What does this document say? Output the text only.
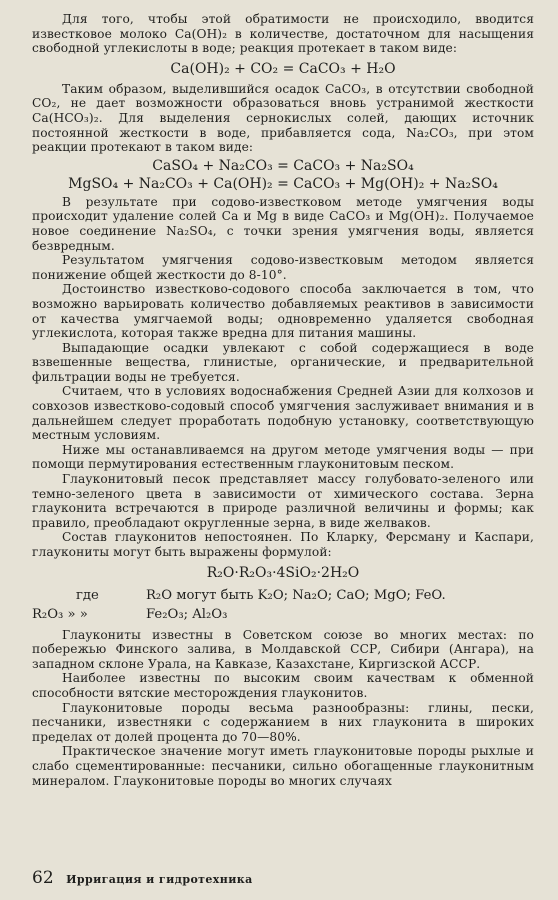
Для того, чтобы этой обратимости не происходило, вводится известковое молоко Ca(OH)₂ в количестве, достаточном для насыщения свободной углекислоты в воде; реакция протекает в таком виде:

Ca(OH)₂ + CO₂ = CaCO₃ + H₂O

Таким образом, выделившийся осадок CaCO₃, в отсутствии свободной CO₂, не дает возможности образоваться вновь устранимой жесткости Ca(HCO₃)₂. Для выделения сернокислых солей, дающих источник постоянной жесткости в воде, прибавляется сода, Na₂CO₃, при этом реакции протекают в таком виде:

CaSO₄ + Na₂CO₃ = CaCO₃ + Na₂SO₄
MgSO₄ + Na₂CO₃ + Ca(OH)₂ = CaCO₃ + Mg(OH)₂ + Na₂SO₄

В результате при содово-известковом методе умягчения воды происходит удаление солей Ca и Mg в виде CaCO₃ и Mg(OH)₂. Получаемое новое соединение Na₂SO₄, с точки зрения умягчения воды, является безвредным.

Результатом умягчения содово-известковым методом является понижение общей жесткости до 8-10°.

Достоинство известково-содового способа заключается в том, что возможно варьировать количество добавляемых реактивов в зависимости от качества умягчаемой воды; одновременно удаляется свободная углекислота, которая также вредна для питания машины.

Выпадающие осадки увлекают с собой содержащиеся в воде взвешенные вещества, глинистые, органические, и предварительной фильтрации воды не требуется.

Считаем, что в условиях водоснабжения Средней Азии для колхозов и совхозов известково-содовый способ умягчения заслуживает внимания и в дальнейшем следует проработать подобную установку, соответствующую местным условиям.

Ниже мы останавливаемся на другом методе умягчения воды — при помощи пермутирования естественным глауконитовым песком.

Глауконитовый песок представляет массу голубовато-зеленого или темно-зеленого цвета в зависимости от химического состава. Зерна глауконита встречаются в природе различной величины и формы; как правило, преобладают округленные зерна, в виде желваков.

Состав глауконитов непостоянен. По Кларку, Ферсману и Каспари, глаукониты могут быть выражены формулой:

R₂O·R₂O₃·4SiO₂·2H₂O
где	R₂O могут быть K₂O; Na₂O; CaO; MgO; FeO.
R₂O₃ » »	Fe₂O₃; Al₂O₃

Глаукониты известны в Советском союзе во многих местах: по побережью Финского залива, в Молдавской ССР, Сибири (Ангара), на западном склоне Урала, на Кавказе, Казахстане, Киргизской АССР.

Наиболее известны по высоким своим качествам к обменной способности вятские месторождения глауконитов.

Глауконитовые породы весьма разнообразны: глины, пески, песчаники, известняки с содержанием в них глауконита в широких пределах от долей процента до 70—80%.

Практическое значение могут иметь глауконитовые породы рыхлые и слабо сцементированные: песчаники, сильно обогащенные глауконитным минералом. Глауконитовые породы во многих случаях

62 Ирригация и гидротехника
